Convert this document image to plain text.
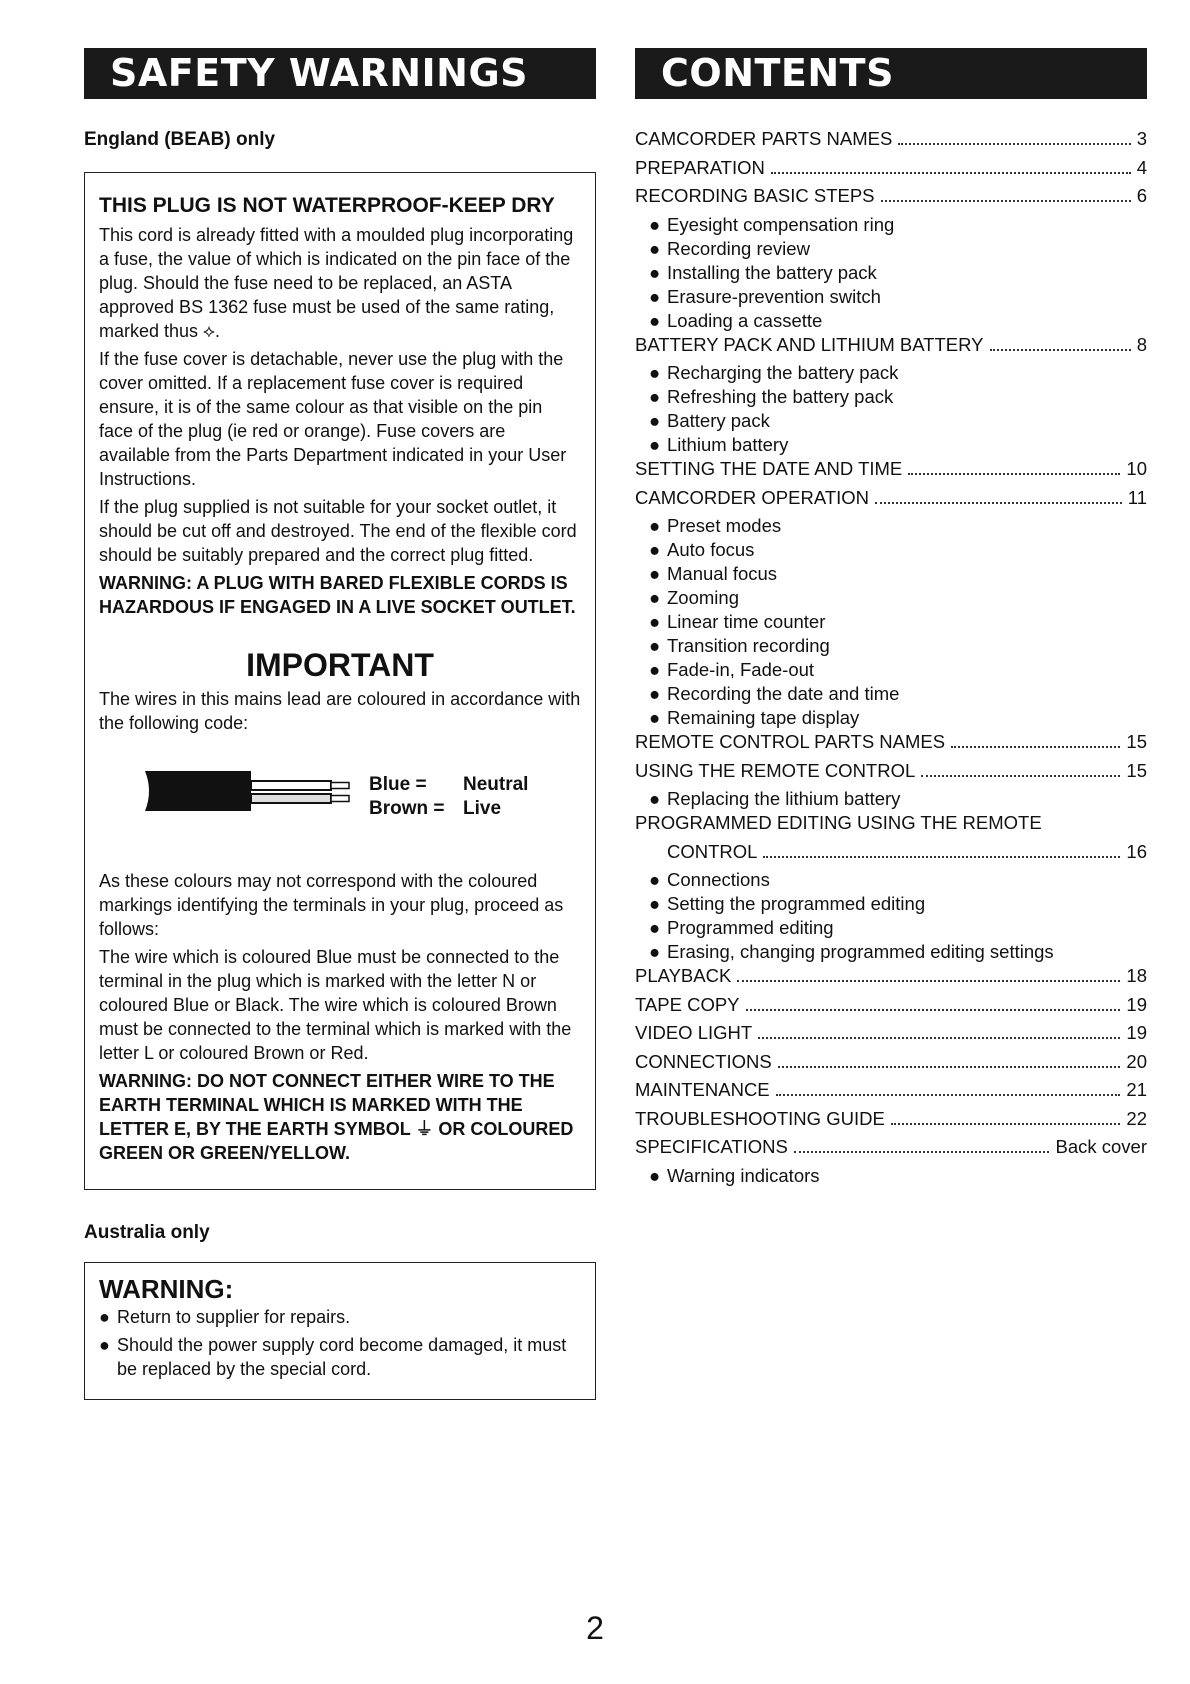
SAFETY WARNINGS
England (BEAB) only
THIS PLUG IS NOT WATERPROOF-KEEP DRY

This cord is already fitted with a moulded plug incorporating a fuse, the value of which is indicated on the pin face of the plug. Should the fuse need to be replaced, an ASTA approved BS 1362 fuse must be used of the same rating, marked thus ⟡.

If the fuse cover is detachable, never use the plug with the cover omitted. If a replacement fuse cover is required ensure, it is of the same colour as that visible on the pin face of the plug (ie red or orange). Fuse covers are available from the Parts Department indicated in your User Instructions.

If the plug supplied is not suitable for your socket outlet, it should be cut off and destroyed. The end of the flexible cord should be suitably prepared and the correct plug fitted.

WARNING: A PLUG WITH BARED FLEXIBLE CORDS IS HAZARDOUS IF ENGAGED IN A LIVE SOCKET OUTLET.

IMPORTANT

The wires in this mains lead are coloured in accordance with the following code:

Blue = Neutral
Brown = Live

As these colours may not correspond with the coloured markings identifying the terminals in your plug, proceed as follows:

The wire which is coloured Blue must be connected to the terminal in the plug which is marked with the letter N or coloured Blue or Black. The wire which is coloured Brown must be connected to the terminal which is marked with the letter L or coloured Brown or Red.

WARNING: DO NOT CONNECT EITHER WIRE TO THE EARTH TERMINAL WHICH IS MARKED WITH THE LETTER E, BY THE EARTH SYMBOL ⏚ OR COLOURED GREEN OR GREEN/YELLOW.

Australia only
WARNING:
● Return to supplier for repairs.
● Should the power supply cord become damaged, it must be replaced by the special cord.
CONTENTS
CAMCORDER PARTS NAMES	3
PREPARATION	4
RECORDING BASIC STEPS	6
● Eyesight compensation ring
● Recording review
● Installing the battery pack
● Erasure-prevention switch
● Loading a cassette
BATTERY PACK AND LITHIUM BATTERY	8
● Recharging the battery pack
● Refreshing the battery pack
● Battery pack
● Lithium battery
SETTING THE DATE AND TIME	10
CAMCORDER OPERATION	11
● Preset modes
● Auto focus
● Manual focus
● Zooming
● Linear time counter
● Transition recording
● Fade-in, Fade-out
● Recording the date and time
● Remaining tape display
REMOTE CONTROL PARTS NAMES	15
USING THE REMOTE CONTROL	15
● Replacing the lithium battery
PROGRAMMED EDITING USING THE REMOTE
CONTROL	16
● Connections
● Setting the programmed editing
● Programmed editing
● Erasing, changing programmed editing settings
PLAYBACK	18
TAPE COPY	19
VIDEO LIGHT	19
CONNECTIONS	20
MAINTENANCE	21
TROUBLESHOOTING GUIDE	22
SPECIFICATIONS	Back cover
● Warning indicators
2
